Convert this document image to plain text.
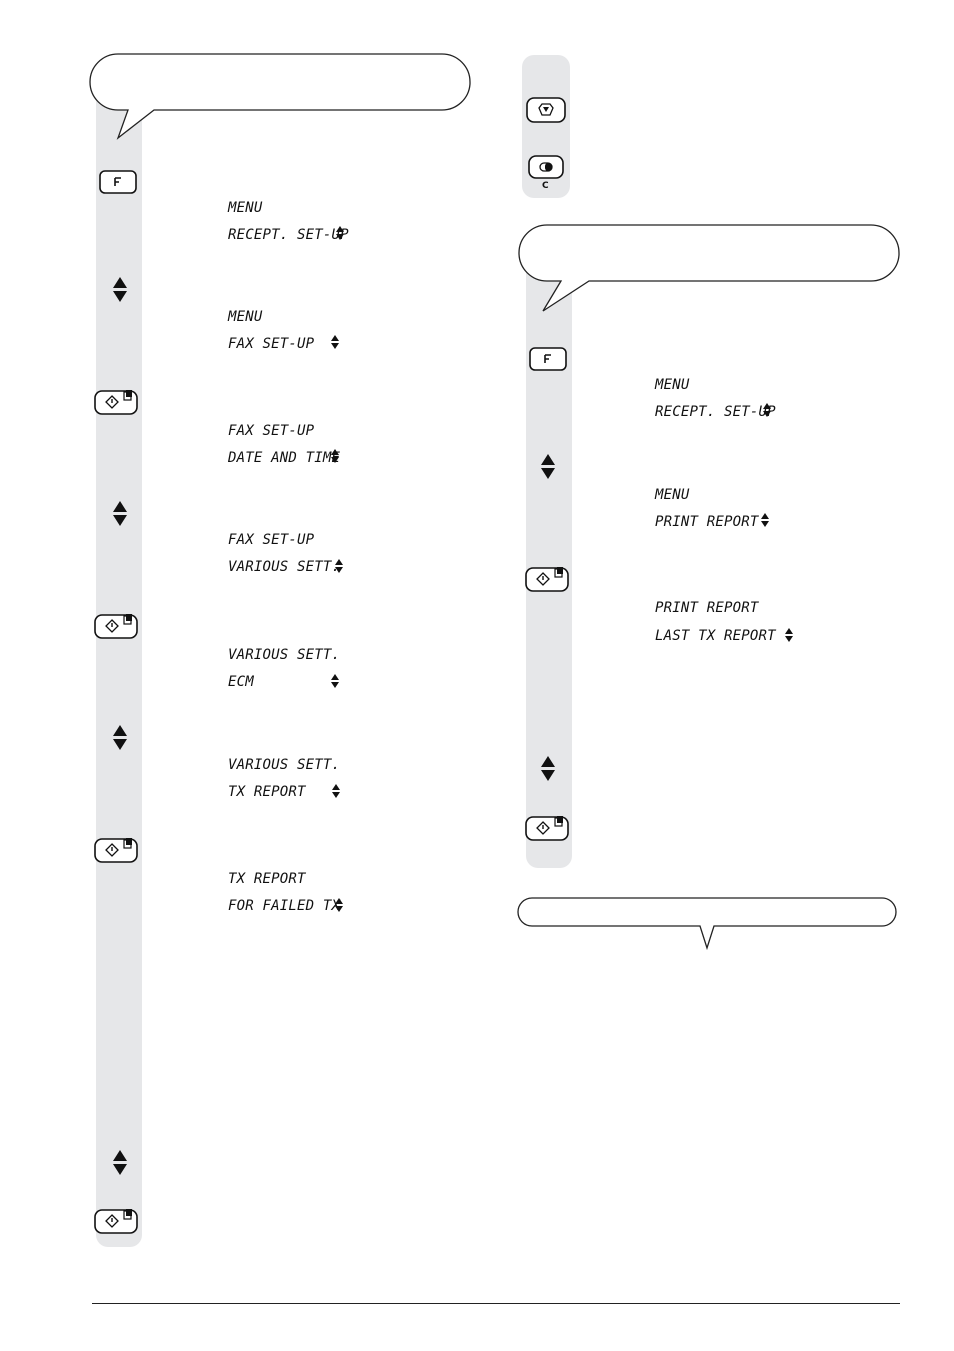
MENU
RECEPT. SET-UP
MENU
FAX SET-UP
FAX SET-UP
DATE AND TIME
FAX SET-UP
VARIOUS SETT.
VARIOUS SETT.
ECM
VARIOUS SETT.
TX REPORT
TX REPORT
FOR FAILED TX
C
MENU
RECEPT. SET-UP
MENU
PRINT REPORT
PRINT REPORT
LAST TX REPORT
